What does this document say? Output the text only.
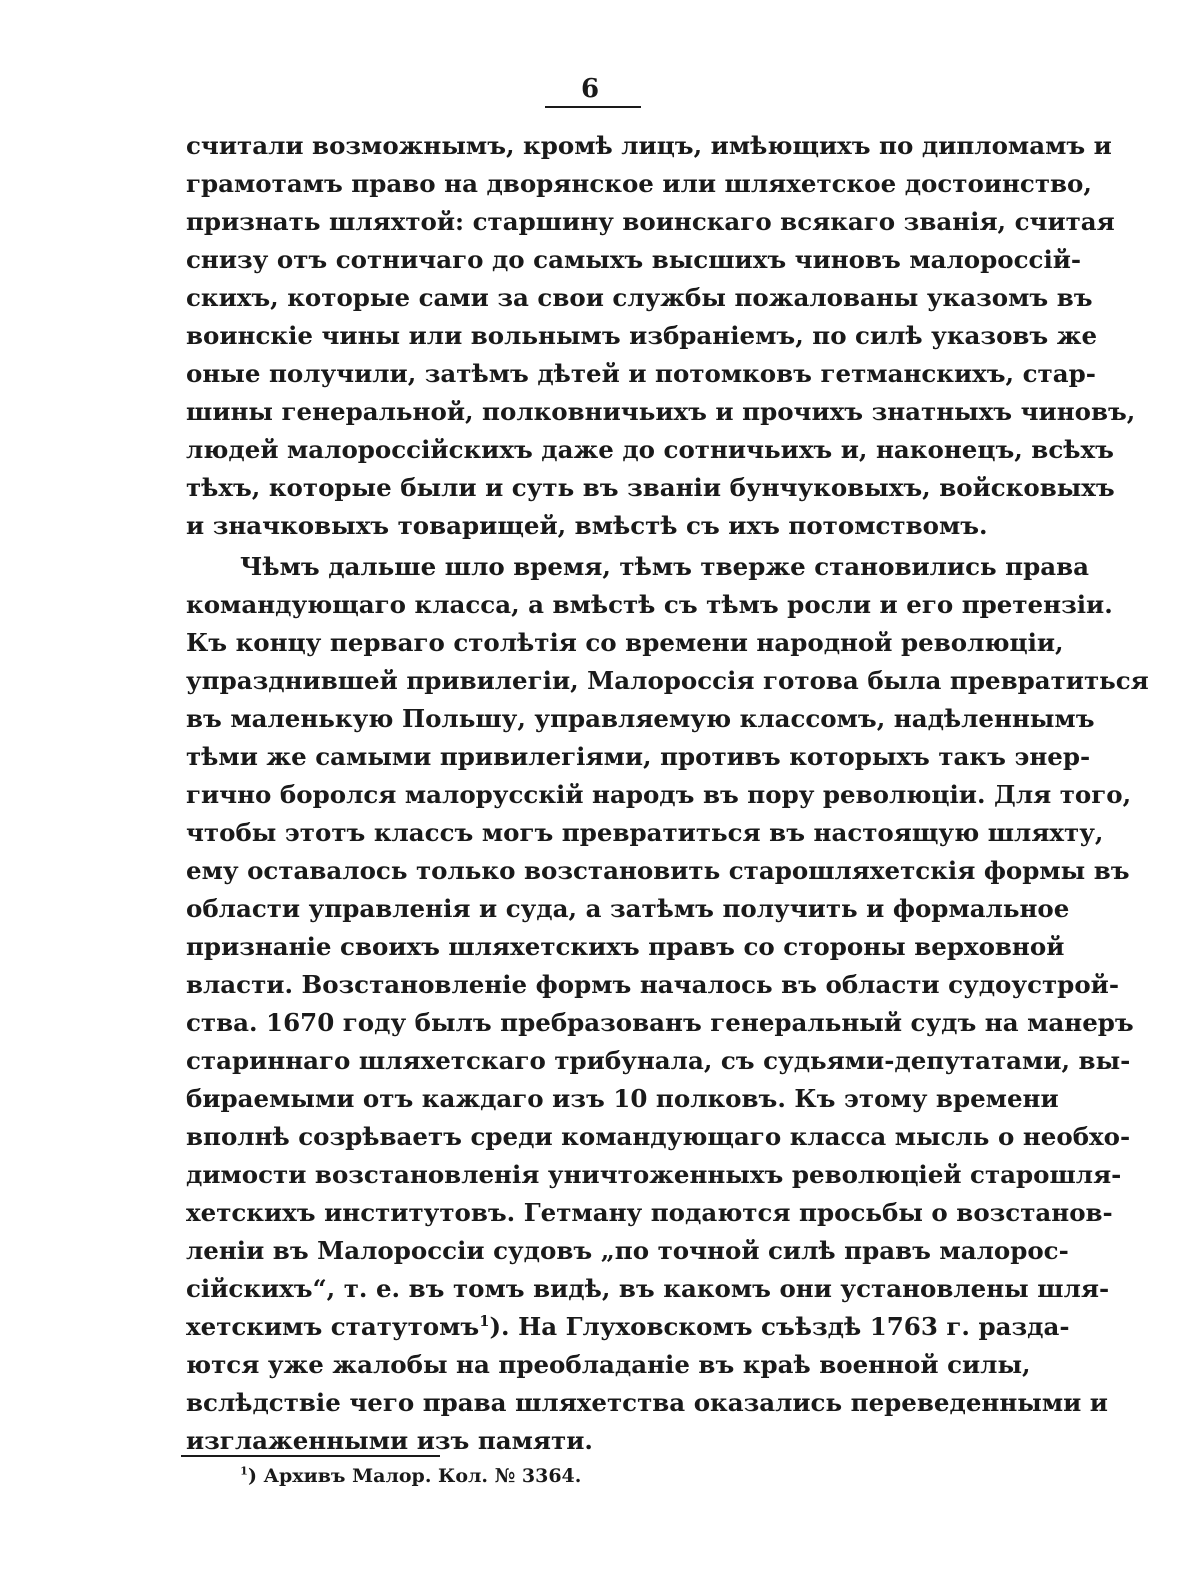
6
считали возможнымъ, кромѣ лицъ, имѣющихъ по дипломамъ и
грамотамъ право на дворянское или шляхетское достоинство,
признать шляхтой: старшину воинскаго всякаго званія, считая
снизу отъ сотничаго до самыхъ высшихъ чиновъ малороссій-
скихъ, которые сами за свои службы пожалованы указомъ въ
воинскіе чины или вольнымъ избраніемъ, по силѣ указовъ же
оные получили, затѣмъ дѣтей и потомковъ гетманскихъ, стар-
шины генеральной, полковничьихъ и прочихъ знатныхъ чиновъ,
людей малороссійскихъ даже до сотничьихъ и, наконецъ, всѣхъ
тѣхъ, которые были и суть въ званіи бунчуковыхъ, войсковыхъ
и значковыхъ товарищей, вмѣстѣ съ ихъ потомствомъ.
Чѣмъ дальше шло время, тѣмъ тверже становились права
командующаго класса, а вмѣстѣ съ тѣмъ росли и его претензіи.
Къ концу перваго столѣтія со времени народной революціи,
упразднившей привилегіи, Малороссія готова была превратиться
въ маленькую Польшу, управляемую классомъ, надѣленнымъ
тѣми же самыми привилегіями, противъ которыхъ такъ энер-
гично боролся малорусскій народъ въ пору революціи. Для того,
чтобы этотъ классъ могъ превратиться въ настоящую шляхту,
ему оставалось только возстановить старошляхетскія формы въ
области управленія и суда, а затѣмъ получить и формальное
признаніе своихъ шляхетскихъ правъ со стороны верховной
власти. Возстановленіе формъ началось въ области судоустрой-
ства. 1670 году былъ пребразованъ генеральный судъ на манеръ
стариннаго шляхетскаго трибунала, съ судьями-депутатами, вы-
бираемыми отъ каждаго изъ 10 полковъ. Къ этому времени
вполнѣ созрѣваетъ среди командующаго класса мысль о необхо-
димости возстановленія уничтоженныхъ революціей старошля-
хетскихъ институтовъ. Гетману подаются просьбы о возстанов-
леніи въ Малороссіи судовъ „по точной силѣ правъ малорос-
сійскихъ“, т. е. въ томъ видѣ, въ какомъ они установлены шля-
хетскимъ статутомъ$^1$). На Глуховскомъ съѣздѣ 1763 г. разда-
ются уже жалобы на преобладаніе въ краѣ военной силы,
вслѣдствіе чего права шляхетства оказались переведенными и
изглаженными изъ памяти.
$^1$) Архивъ Малор. Кол. № 3364.
